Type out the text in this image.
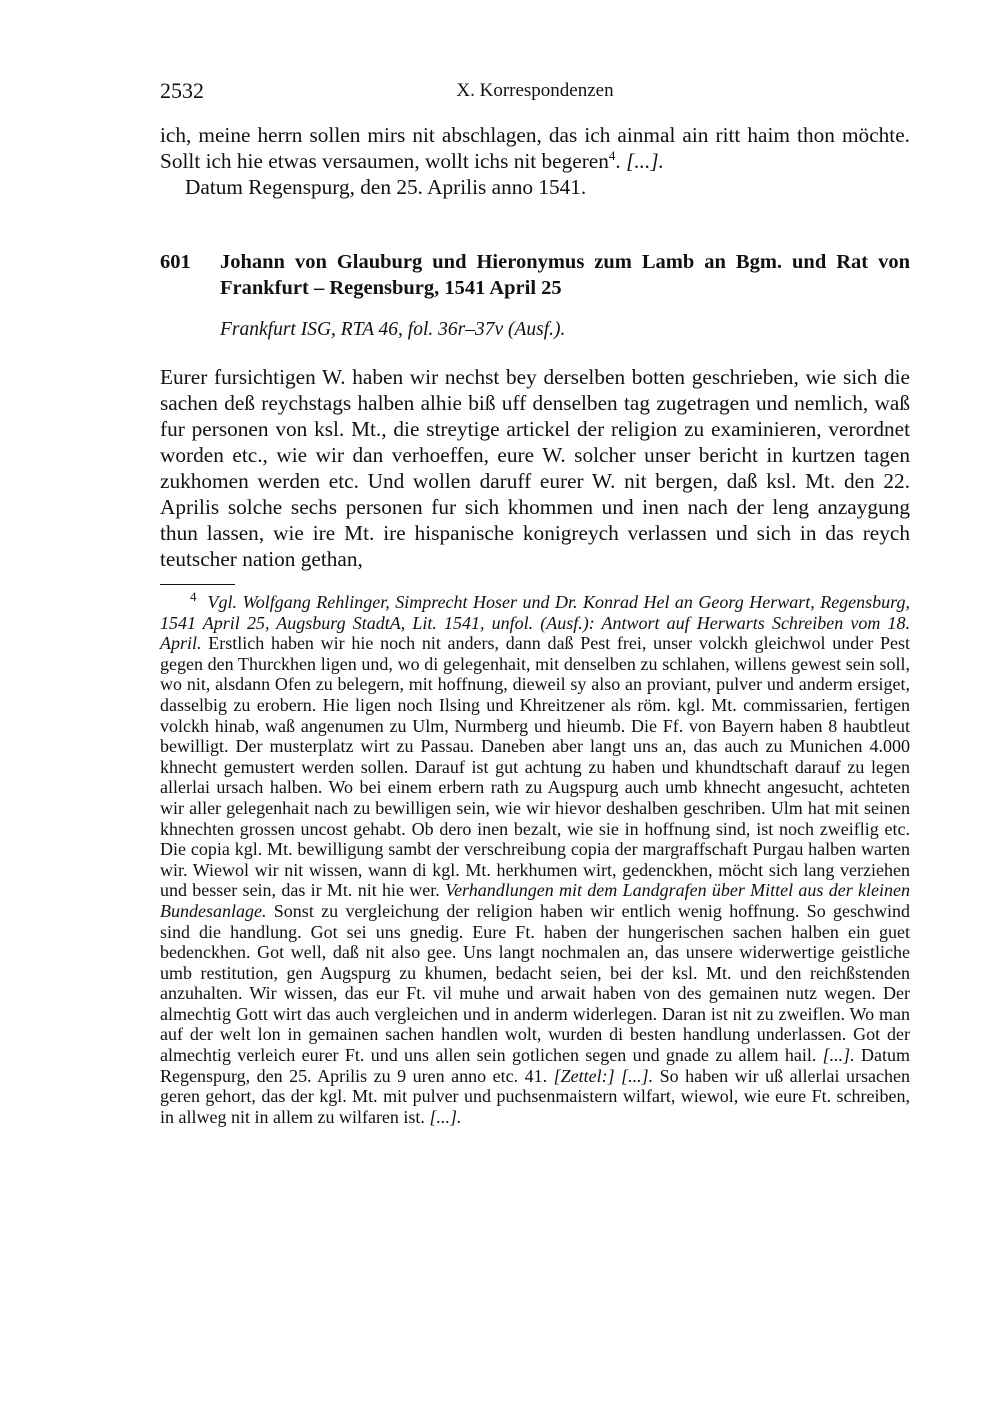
2532	X. Korrespondenzen

ich, meine herrn sollen mirs nit abschlagen, das ich ainmal ain ritt haim thon möchte. Sollt ich hie etwas versaumen, wollt ichs nit begeren$^4$. [...].

Datum Regenspurg, den 25. Aprilis anno 1541.

601 Johann von Glauburg und Hieronymus zum Lamb an Bgm. und Rat von Frankfurt – Regensburg, 1541 April 25
Frankfurt ISG, RTA 46, fol. 36r–37v (Ausf.).

Eurer fursichtigen W. haben wir nechst bey derselben botten geschrieben, wie sich die sachen deß reychstags halben alhie biß uff denselben tag zugetragen und nemlich, waß fur personen von ksl. Mt., die streytige artickel der religion zu examinieren, verordnet worden etc., wie wir dan verhoeffen, eure W. solcher unser bericht in kurtzen tagen zukhomen werden etc. Und wollen daruff eurer W. nit bergen, daß ksl. Mt. den 22. Aprilis solche sechs personen fur sich khommen und inen nach der leng anzaygung thun lassen, wie ire Mt. ire hispanische konigreych verlassen und sich in das reych teutscher nation gethan,

$^4$ Vgl. Wolfgang Rehlinger, Simprecht Hoser und Dr. Konrad Hel an Georg Herwart, Regensburg, 1541 April 25, Augsburg StadtA, Lit. 1541, unfol. (Ausf.): Antwort auf Herwarts Schreiben vom 18. April. Erstlich haben wir hie noch nit anders, dann daß Pest frei, unser volckh gleichwol under Pest gegen den Thurckhen ligen und, wo di gelegenhait, mit denselben zu schlahen, willens gewest sein soll, wo nit, alsdann Ofen zu belegern, mit hoffnung, dieweil sy also an proviant, pulver und anderm ersiget, dasselbig zu erobern. Hie ligen noch Ilsing und Khreitzener als röm. kgl. Mt. commissarien, fertigen volckh hinab, waß angenumen zu Ulm, Nurmberg und hieumb. Die Ff. von Bayern haben 8 haubtleut bewilligt. Der musterplatz wirt zu Passau. Daneben aber langt uns an, das auch zu Munichen 4.000 khnecht gemustert werden sollen. Darauf ist gut achtung zu haben und khundtschaft darauf zu legen allerlai ursach halben. Wo bei einem erbern rath zu Augspurg auch umb khnecht angesucht, achteten wir aller gelegenhait nach zu bewilligen sein, wie wir hievor deshalben geschriben. Ulm hat mit seinen khnechten grossen uncost gehabt. Ob dero inen bezalt, wie sie in hoffnung sind, ist noch zweiflig etc. Die copia kgl. Mt. bewilligung sambt der verschreibung copia der margraffschaft Purgau halben warten wir. Wiewol wir nit wissen, wann di kgl. Mt. herkhumen wirt, gedenckhen, möcht sich lang verziehen und besser sein, das ir Mt. nit hie wer. Verhandlungen mit dem Landgrafen über Mittel aus der kleinen Bundesanlage. Sonst zu vergleichung der religion haben wir entlich wenig hoffnung. So geschwind sind die handlung. Got sei uns gnedig. Eure Ft. haben der hungerischen sachen halben ein guet bedenckhen. Got well, daß nit also gee. Uns langt nochmalen an, das unsere widerwertige geistliche umb restitution, gen Augspurg zu khumen, bedacht seien, bei der ksl. Mt. und den reichßstenden anzuhalten. Wir wissen, das eur Ft. vil muhe und arwait haben von des gemainen nutz wegen. Der almechtig Gott wirt das auch vergleichen und in anderm widerlegen. Daran ist nit zu zweiflen. Wo man auf der welt lon in gemainen sachen handlen wolt, wurden di besten handlung underlassen. Got der almechtig verleich eurer Ft. und uns allen sein gotlichen segen und gnade zu allem hail. [...]. Datum Regenspurg, den 25. Aprilis zu 9 uren anno etc. 41. [Zettel:] [...]. So haben wir uß allerlai ursachen geren gehort, das der kgl. Mt. mit pulver und puchsenmaistern wilfart, wiewol, wie eure Ft. schreiben, in allweg nit in allem zu wilfaren ist. [...].
